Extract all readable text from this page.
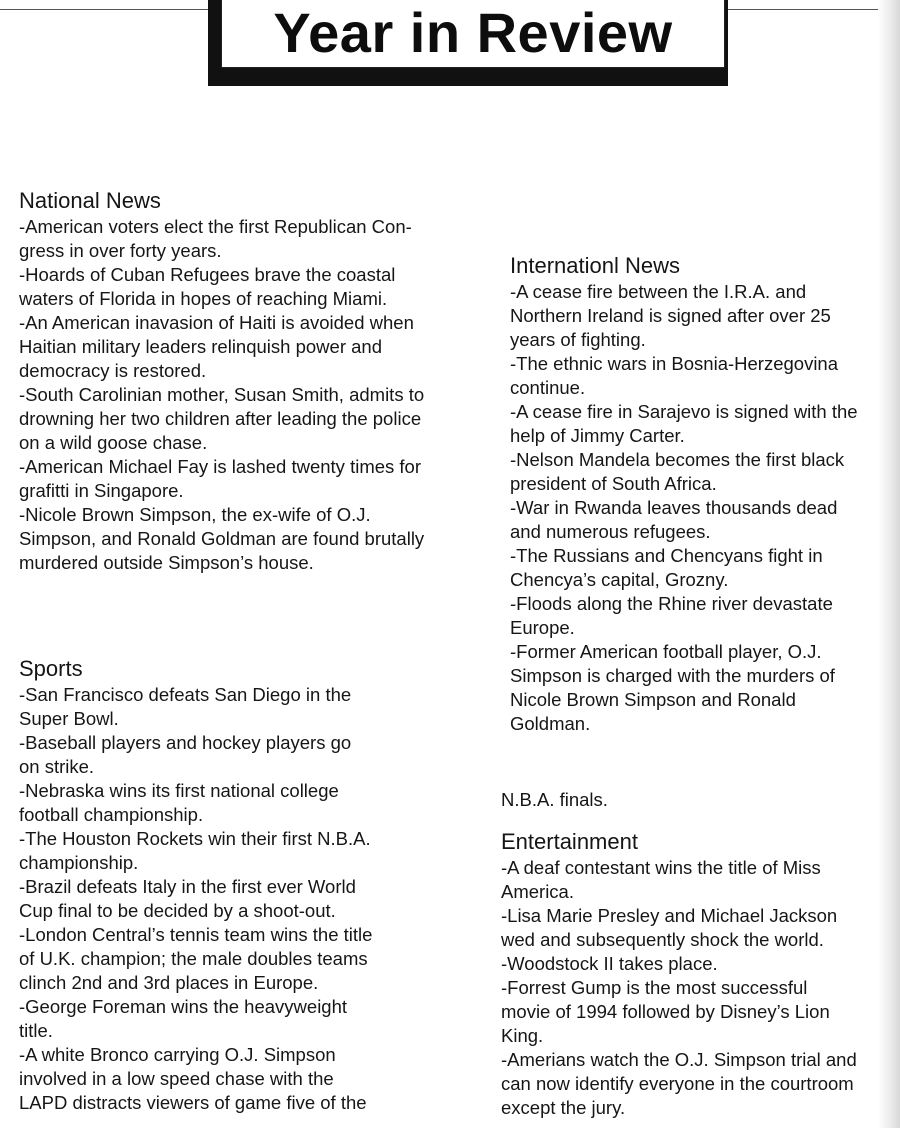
Year in Review
National News

-American voters elect the first Republican Con-
gress in over forty years.

-Hoards of Cuban Refugees brave the coastal
waters of Florida in hopes of reaching Miami.

-An American inavasion of Haiti is avoided when
Haitian military leaders relinquish power and
democracy is restored.

-South Carolinian mother, Susan Smith, admits to
drowning her two children after leading the police
on a wild goose chase.

-American Michael Fay is lashed twenty times for
grafitti in Singapore.

-Nicole Brown Simpson, the ex-wife of O.J.
Simpson, and Ronald Goldman are found brutally
murdered outside Simpson’s house.

Sports

-San Francisco defeats San Diego in the
Super Bowl.

-Baseball players and hockey players go
on strike.

-Nebraska wins its first national college
football championship.

-The Houston Rockets win their first N.B.A.
championship.

-Brazil defeats Italy in the first ever World
Cup final to be decided by a shoot-out.

-London Central’s tennis team wins the title
of U.K. champion; the male doubles teams
clinch 2nd and 3rd places in Europe.

-George Foreman wins the heavyweight
title.

-A white Bronco carrying O.J. Simpson
involved in a low speed chase with the
LAPD distracts viewers of game five of the

Internationl News

-A cease fire between the I.R.A. and
Northern Ireland is signed after over 25
years of fighting.

-The ethnic wars in Bosnia-Herzegovina
continue.

-A cease fire in Sarajevo is signed with the
help of Jimmy Carter.

-Nelson Mandela becomes the first black
president of South Africa.

-War in Rwanda leaves thousands dead
and numerous refugees.

-The Russians and Chencyans fight in
Chencya’s capital, Grozny.

-Floods along the Rhine river devastate
Europe.

-Former American football player, O.J.
Simpson is charged with the murders of
Nicole Brown Simpson and Ronald
Goldman.

N.B.A. finals.
Entertainment

-A deaf contestant wins the title of Miss
America.

-Lisa Marie Presley and Michael Jackson
wed and subsequently shock the world.

-Woodstock II takes place.

-Forrest Gump is the most successful
movie of 1994 followed by Disney’s Lion
King.

-Amerians watch the O.J. Simpson trial and
can now identify everyone in the courtroom
except the jury.
